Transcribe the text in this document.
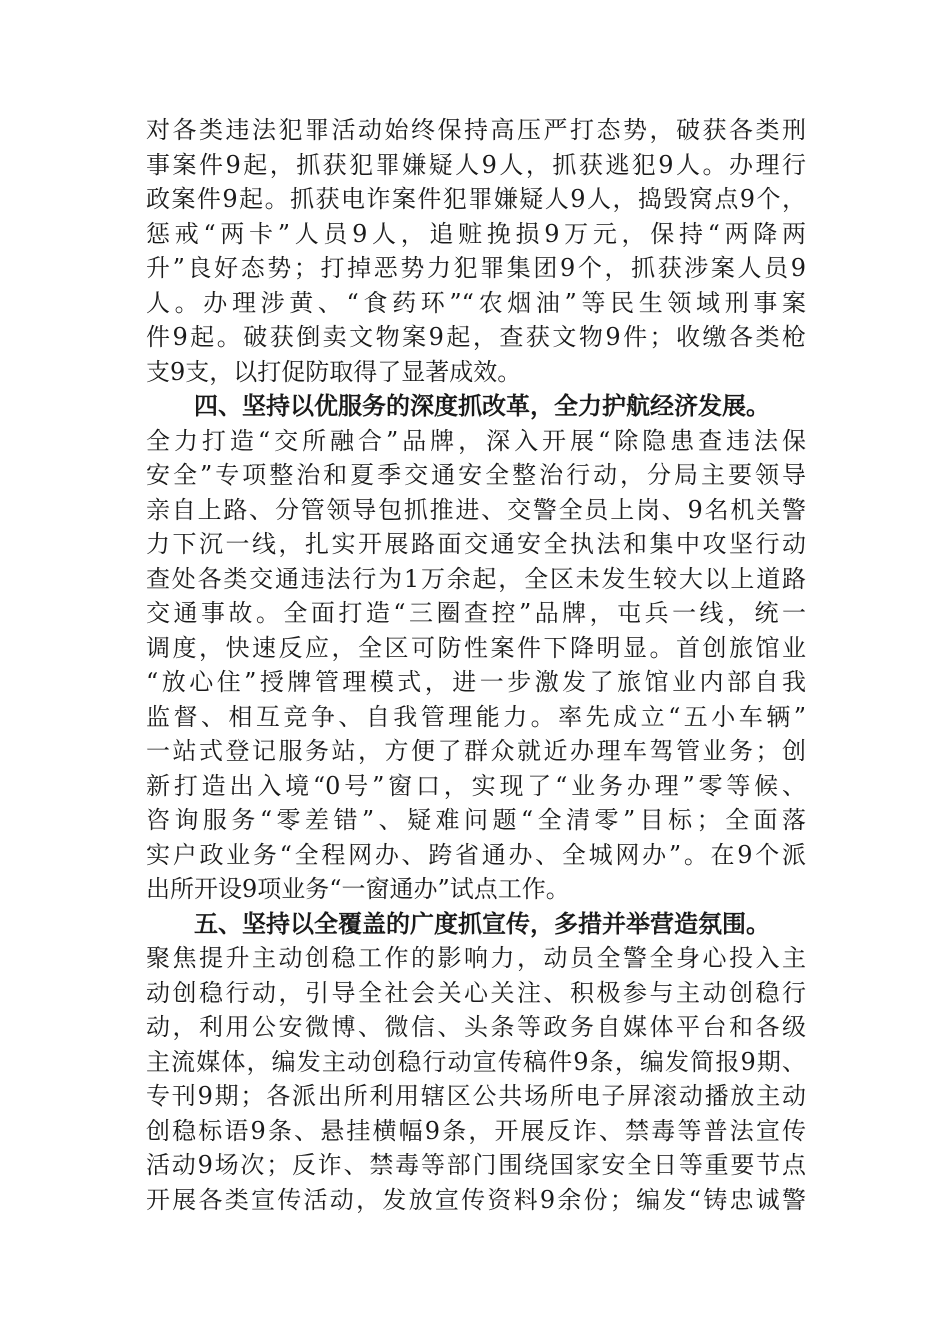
对各类违法犯罪活动始终保持高压严打态势，破获各类刑
事案件9起，抓获犯罪嫌疑人9人，抓获逃犯9人。办理行
政案件9起。抓获电诈案件犯罪嫌疑人9人，捣毁窝点9个，
惩戒“两卡”人员9人，追赃挽损9万元，保持“两降两
升”良好态势；打掉恶势力犯罪集团9个，抓获涉案人员9
人。办理涉黄、“食药环”“农烟油”等民生领域刑事案
件9起。破获倒卖文物案9起，查获文物9件；收缴各类枪
支9支，以打促防取得了显著成效。
四、坚持以优服务的深度抓改革，全力护航经济发展。
全力打造“交所融合”品牌，深入开展“除隐患查违法保
安全”专项整治和夏季交通安全整治行动，分局主要领导
亲自上路、分管领导包抓推进、交警全员上岗、9名机关警
力下沉一线，扎实开展路面交通安全执法和集中攻坚行动
查处各类交通违法行为1万余起，全区未发生较大以上道路
交通事故。全面打造“三圈查控”品牌，屯兵一线，统一
调度，快速反应，全区可防性案件下降明显。首创旅馆业
“放心住”授牌管理模式，进一步激发了旅馆业内部自我
监督、相互竞争、自我管理能力。率先成立“五小车辆”
一站式登记服务站，方便了群众就近办理车驾管业务；创
新打造出入境“0号”窗口，实现了“业务办理”零等候、
咨询服务“零差错”、疑难问题“全清零”目标；全面落
实户政业务“全程网办、跨省通办、全城网办”。在9个派
出所开设9项业务“一窗通办”试点工作。
五、坚持以全覆盖的广度抓宣传，多措并举营造氛围。
聚焦提升主动创稳工作的影响力，动员全警全身心投入主
动创稳行动，引导全社会关心关注、积极参与主动创稳行
动，利用公安微博、微信、头条等政务自媒体平台和各级
主流媒体，编发主动创稳行动宣传稿件9条，编发简报9期、
专刊9期；各派出所利用辖区公共场所电子屏滚动播放主动
创稳标语9条、悬挂横幅9条，开展反诈、禁毒等普法宣传
活动9场次；反诈、禁毒等部门围绕国家安全日等重要节点
开展各类宣传活动，发放宣传资料9余份；编发“铸忠诚警
